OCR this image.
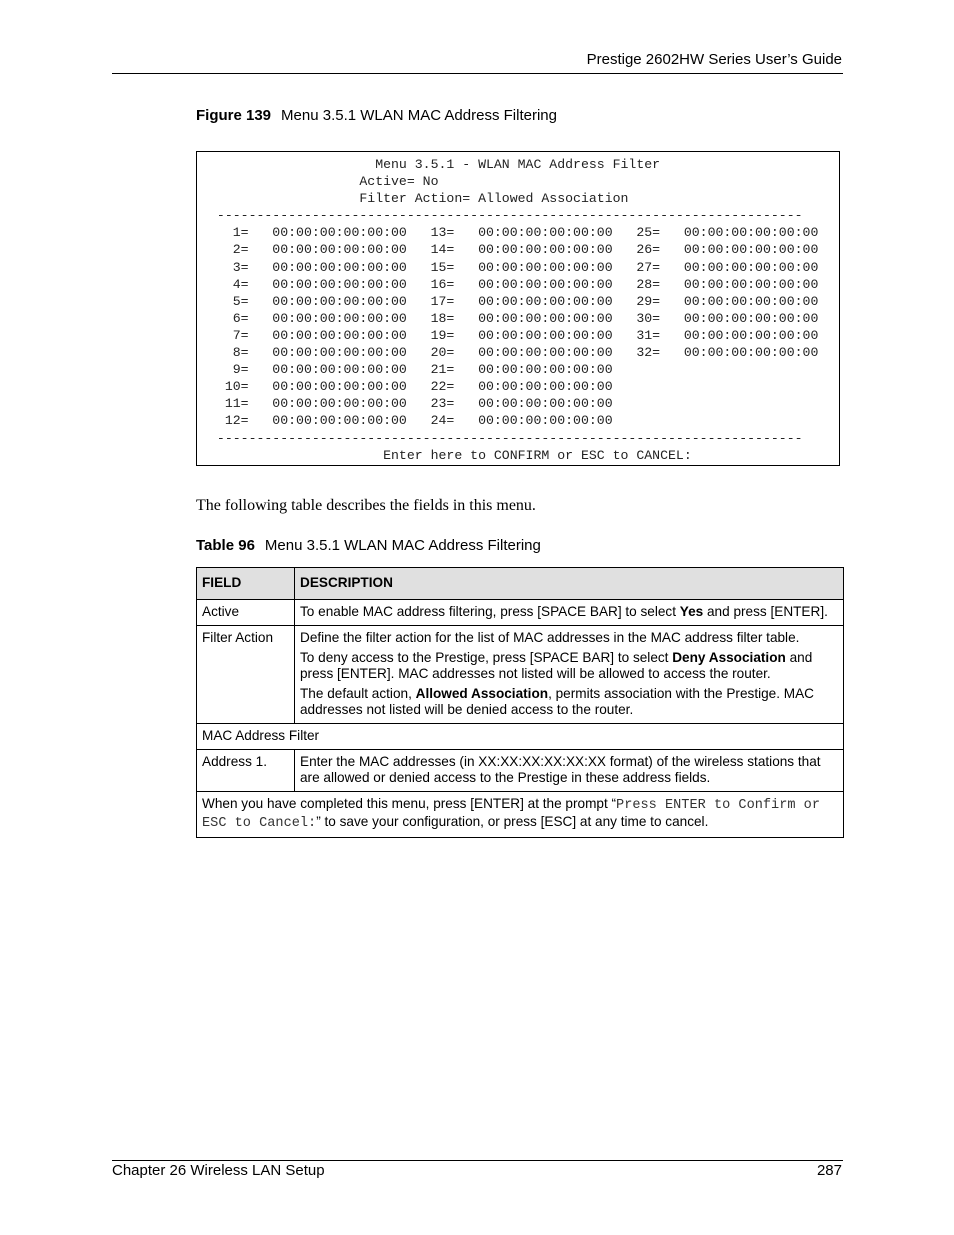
Prestige 2602HW Series User’s Guide
Figure 139 Menu 3.5.1 WLAN MAC Address Filtering
Menu 3.5.1 - WLAN MAC Address Filter
Active= No
Filter Action= Allowed Association
--------------------------------------------------------------------------
1=   00:00:00:00:00:00   13=   00:00:00:00:00:00   25=   00:00:00:00:00:00
2=   00:00:00:00:00:00   14=   00:00:00:00:00:00   26=   00:00:00:00:00:00
3=   00:00:00:00:00:00   15=   00:00:00:00:00:00   27=   00:00:00:00:00:00
4=   00:00:00:00:00:00   16=   00:00:00:00:00:00   28=   00:00:00:00:00:00
5=   00:00:00:00:00:00   17=   00:00:00:00:00:00   29=   00:00:00:00:00:00
6=   00:00:00:00:00:00   18=   00:00:00:00:00:00   30=   00:00:00:00:00:00
7=   00:00:00:00:00:00   19=   00:00:00:00:00:00   31=   00:00:00:00:00:00
8=   00:00:00:00:00:00   20=   00:00:00:00:00:00   32=   00:00:00:00:00:00
9=   00:00:00:00:00:00   21=   00:00:00:00:00:00
10=   00:00:00:00:00:00   22=   00:00:00:00:00:00
11=   00:00:00:00:00:00   23=   00:00:00:00:00:00
12=   00:00:00:00:00:00   24=   00:00:00:00:00:00
--------------------------------------------------------------------------
Enter here to CONFIRM or ESC to CANCEL:
The following table describes the fields in this menu.
Table 96 Menu 3.5.1 WLAN MAC Address Filtering
FIELD	DESCRIPTION
Active	To enable MAC address filtering, press [SPACE BAR] to select Yes and press [ENTER].
Filter Action	Define the filter action for the list of MAC addresses in the MAC address filter table.

To deny access to the Prestige, press [SPACE BAR] to select Deny Association and press [ENTER]. MAC addresses not listed will be allowed to access the router.

The default action, Allowed Association, permits association with the Prestige. MAC addresses not listed will be denied access to the router.

MAC Address Filter	
Address 1.	Enter the MAC addresses (in XX:XX:XX:XX:XX:XX format) of the wireless stations that are allowed or denied access to the Prestige in these address fields.
When you have completed this menu, press [ENTER] at the prompt “Press ENTER to Confirm or ESC to Cancel:” to save your configuration, or press [ESC] at any time to cancel.	
Chapter 26 Wireless LAN Setup	287
